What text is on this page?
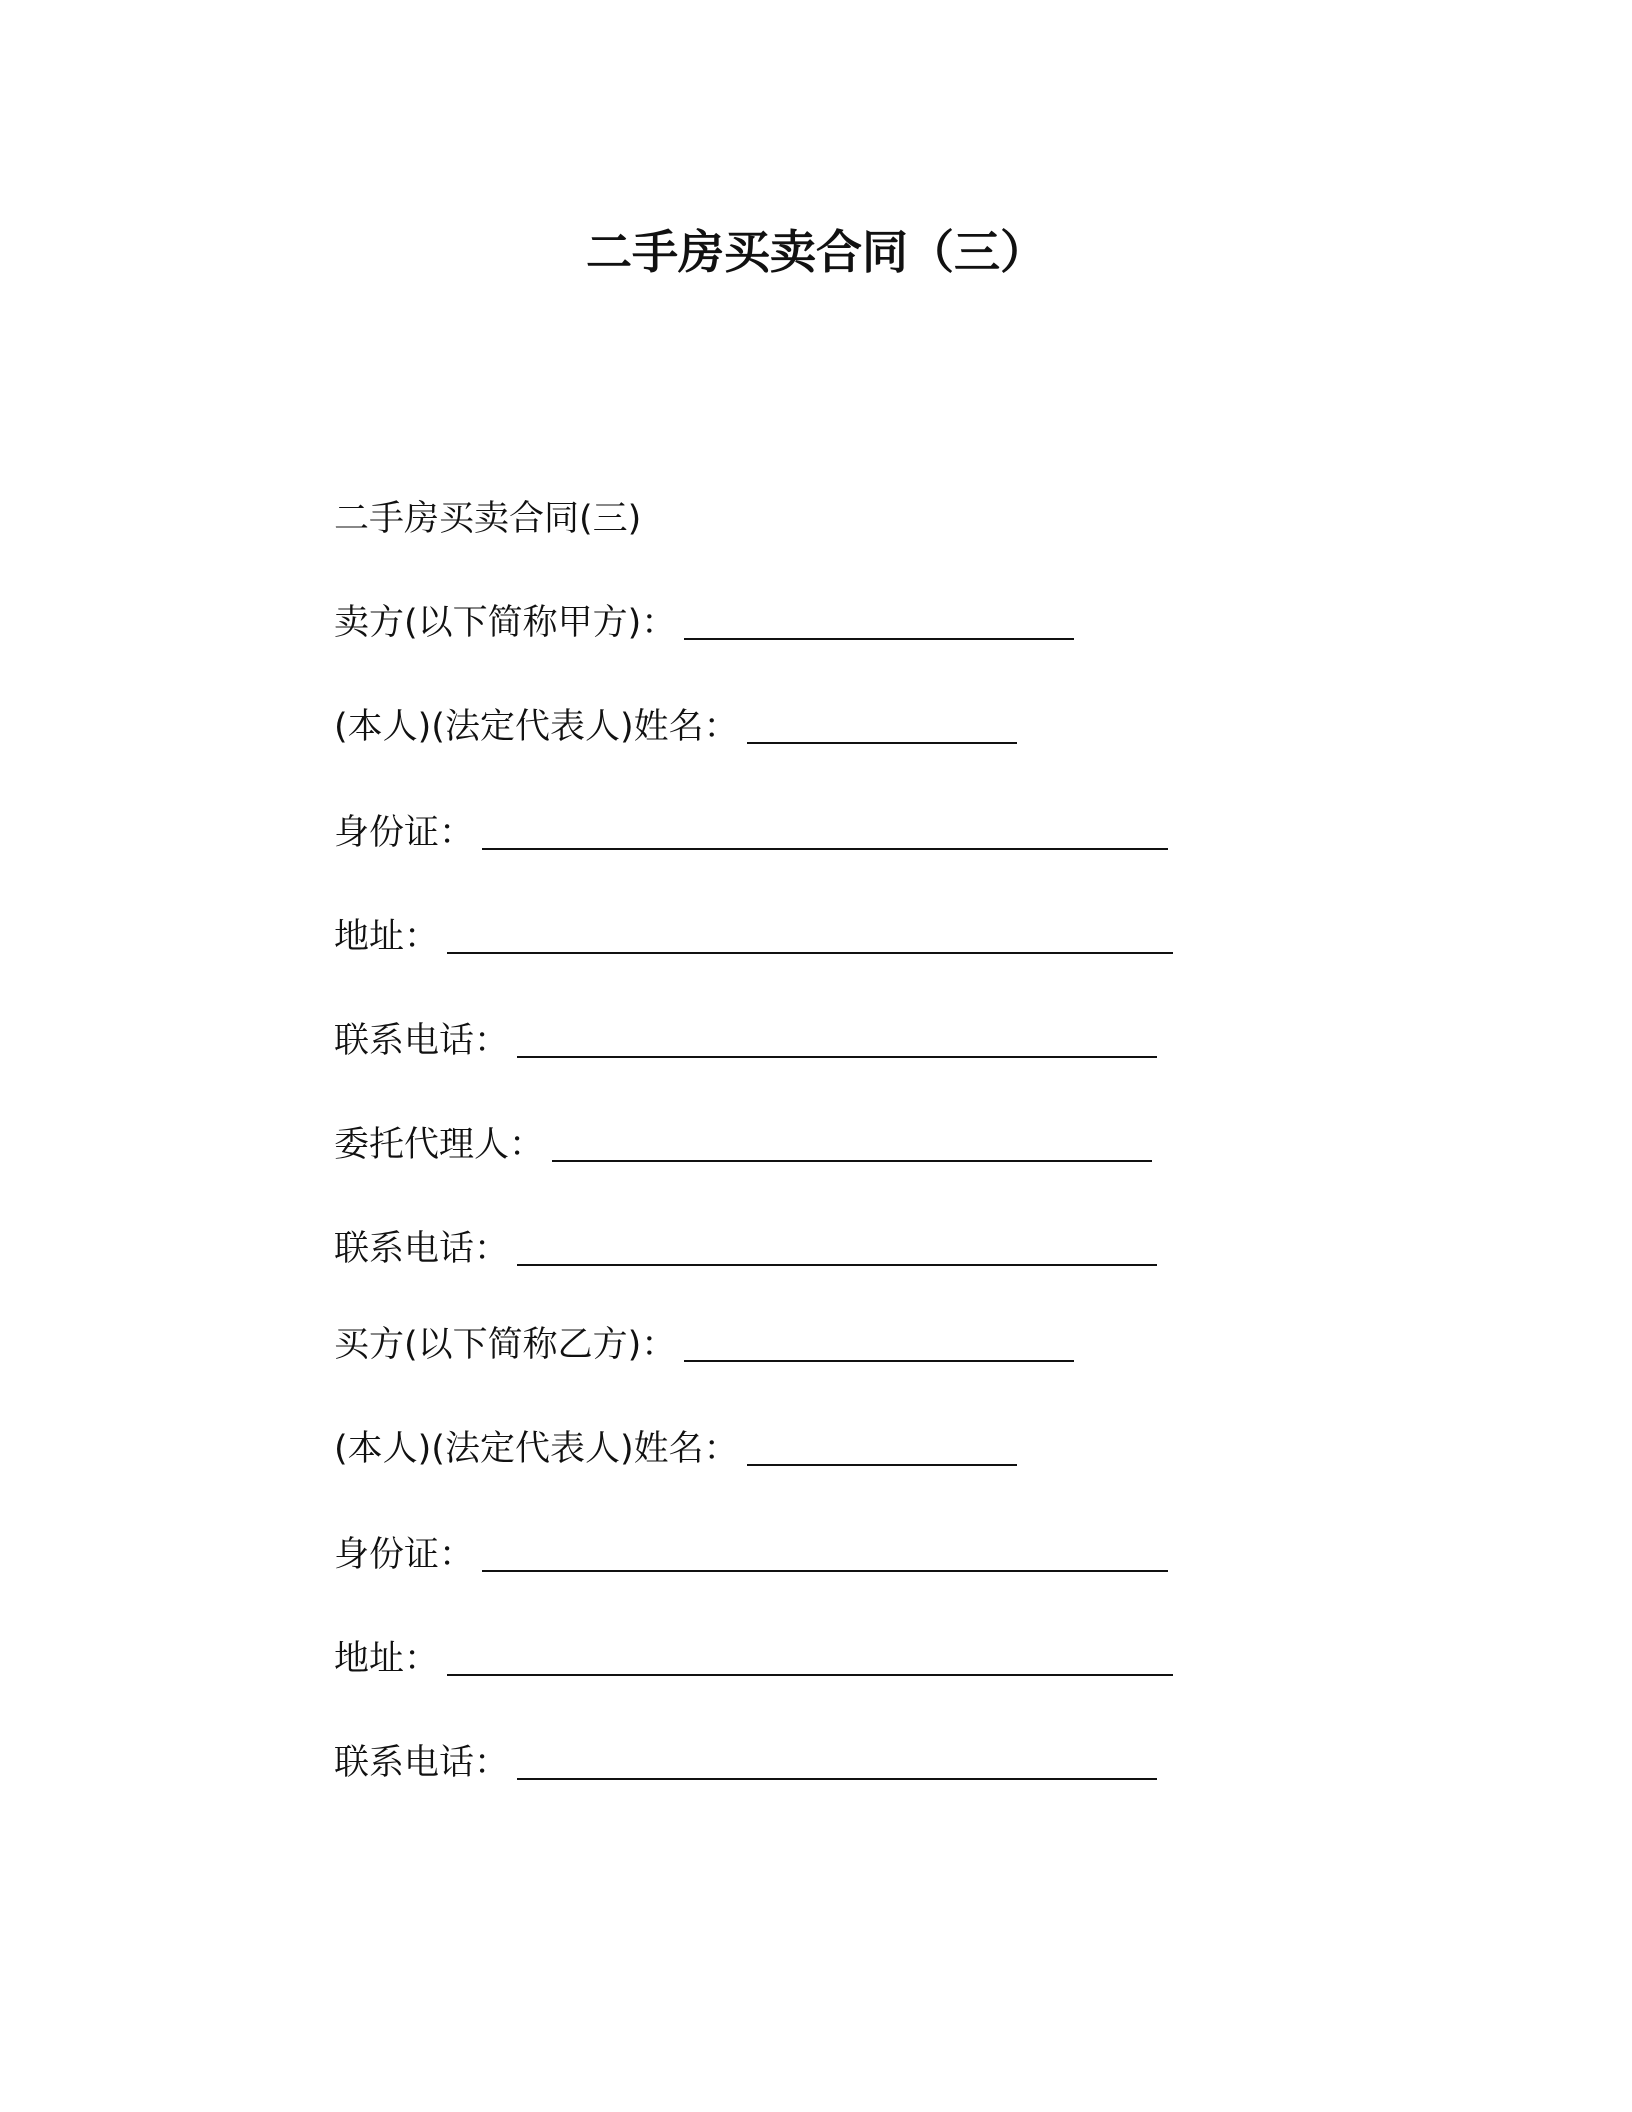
二手房买卖合同（三）
二手房买卖合同(三)
卖方(以下简称甲方)：
(本人)(法定代表人)姓名：
身份证：
地址：
联系电话：
委托代理人：
联系电话：
买方(以下简称乙方)：
(本人)(法定代表人)姓名：
身份证：
地址：
联系电话：
